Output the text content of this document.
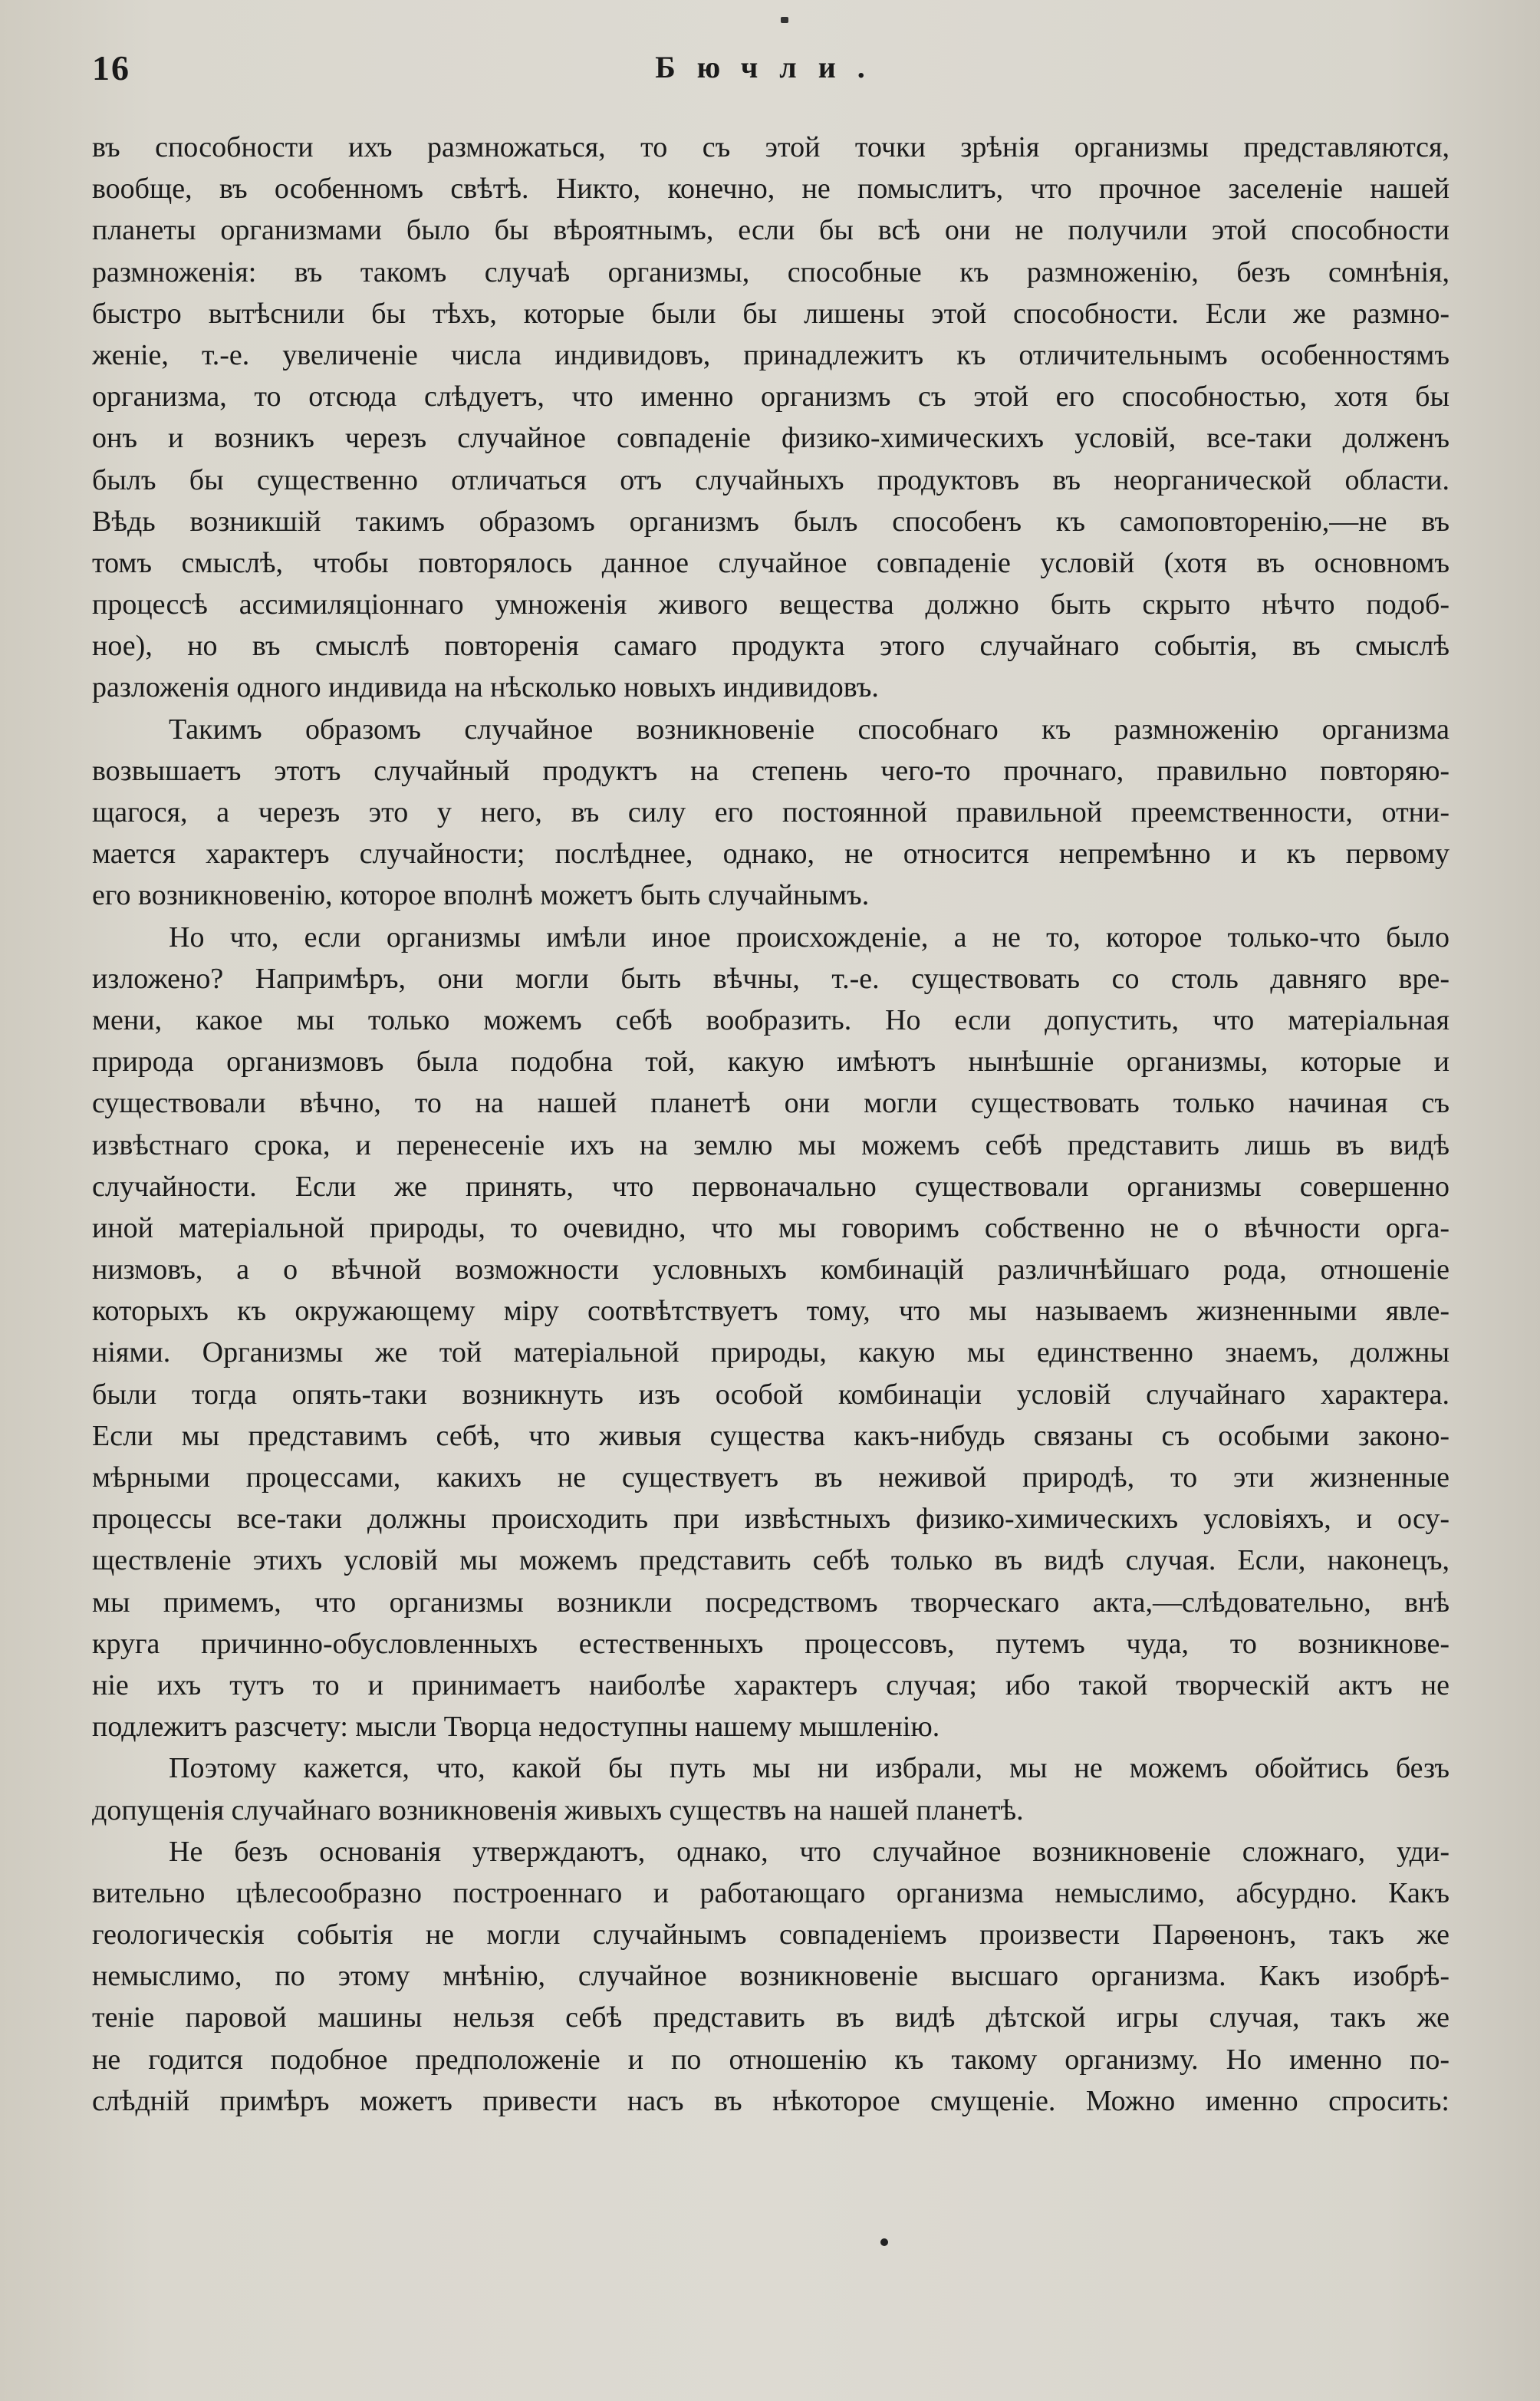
16	Бючли.
въ способности ихъ размножаться, то съ этой точки зрѣнія организмы представляются,
вообще, въ особенномъ свѣтѣ. Никто, конечно, не помыслитъ, что прочное заселеніе нашей
планеты организмами было бы вѣроятнымъ, если бы всѣ они не получили этой способности
размноженія: въ такомъ случаѣ организмы, способные къ размноженію, безъ сомнѣнія,
быстро вытѣснили бы тѣхъ, которые были бы лишены этой способности. Если же размно-
женіе, т.-е. увеличеніе числа индивидовъ, принадлежитъ къ отличительнымъ особенностямъ
организма, то отсюда слѣдуетъ, что именно организмъ съ этой его способностью, хотя бы
онъ и возникъ черезъ случайное совпаденіе физико-химическихъ условій, все-таки долженъ
былъ бы существенно отличаться отъ случайныхъ продуктовъ въ неорганической области.
Вѣдь возникшій такимъ образомъ организмъ былъ способенъ къ самоповторенію,—не въ
томъ смыслѣ, чтобы повторялось данное случайное совпаденіе условій (хотя въ основномъ
процессѣ ассимиляціоннаго умноженія живого вещества должно быть скрыто нѣчто подоб-
ное), но въ смыслѣ повторенія самаго продукта этого случайнаго событія, въ смыслѣ
разложенія одного индивида на нѣсколько новыхъ индивидовъ.
Такимъ образомъ случайное возникновеніе способнаго къ размноженію организма
возвышаетъ этотъ случайный продуктъ на степень чего-то прочнаго, правильно повторяю-
щагося, а черезъ это у него, въ силу его постоянной правильной преемственности, отни-
мается характеръ случайности; послѣднее, однако, не относится непремѣнно и къ первому
его возникновенію, которое вполнѣ можетъ быть случайнымъ.
Но что, если организмы имѣли иное происхожденіе, а не то, которое только-что было
изложено? Напримѣръ, они могли быть вѣчны, т.-е. существовать со столь давняго вре-
мени, какое мы только можемъ себѣ вообразить. Но если допустить, что матеріальная
природа организмовъ была подобна той, какую имѣютъ нынѣшніе организмы, которые и
существовали вѣчно, то на нашей планетѣ они могли существовать только начиная съ
извѣстнаго срока, и перенесеніе ихъ на землю мы можемъ себѣ представить лишь въ видѣ
случайности. Если же принять, что первоначально существовали организмы совершенно
иной матеріальной природы, то очевидно, что мы говоримъ собственно не о вѣчности орга-
низмовъ, а о вѣчной возможности условныхъ комбинацій различнѣйшаго рода, отношеніе
которыхъ къ окружающему міру соотвѣтствуетъ тому, что мы называемъ жизненными явле-
ніями. Организмы же той матеріальной природы, какую мы единственно знаемъ, должны
были тогда опять-таки возникнуть изъ особой комбинаціи условій случайнаго характера.
Если мы представимъ себѣ, что живыя существа какъ-нибудь связаны съ особыми законо-
мѣрными процессами, какихъ не существуетъ въ неживой природѣ, то эти жизненные
процессы все-таки должны происходить при извѣстныхъ физико-химическихъ условіяхъ, и осу-
ществленіе этихъ условій мы можемъ представить себѣ только въ видѣ случая. Если, наконецъ,
мы примемъ, что организмы возникли посредствомъ творческаго акта,—слѣдовательно, внѣ
круга причинно-обусловленныхъ естественныхъ процессовъ, путемъ чуда, то возникнове-
ніе ихъ тутъ то и принимаетъ наиболѣе характеръ случая; ибо такой творческій актъ не
подлежитъ разсчету: мысли Творца недоступны нашему мышленію.
Поэтому кажется, что, какой бы путь мы ни избрали, мы не можемъ обойтись безъ
допущенія случайнаго возникновенія живыхъ существъ на нашей планетѣ.
Не безъ основанія утверждаютъ, однако, что случайное возникновеніе сложнаго, уди-
вительно цѣлесообразно построеннаго и работающаго организма немыслимо, абсурдно. Какъ
геологическія событія не могли случайнымъ совпаденіемъ произвести Парѳенонъ, такъ же
немыслимо, по этому мнѣнію, случайное возникновеніе высшаго организма. Какъ изобрѣ-
теніе паровой машины нельзя себѣ представить въ видѣ дѣтской игры случая, такъ же
не годится подобное предположеніе и по отношенію къ такому организму. Но именно по-
слѣдній примѣръ можетъ привести насъ въ нѣкоторое смущеніе. Можно именно спросить:
